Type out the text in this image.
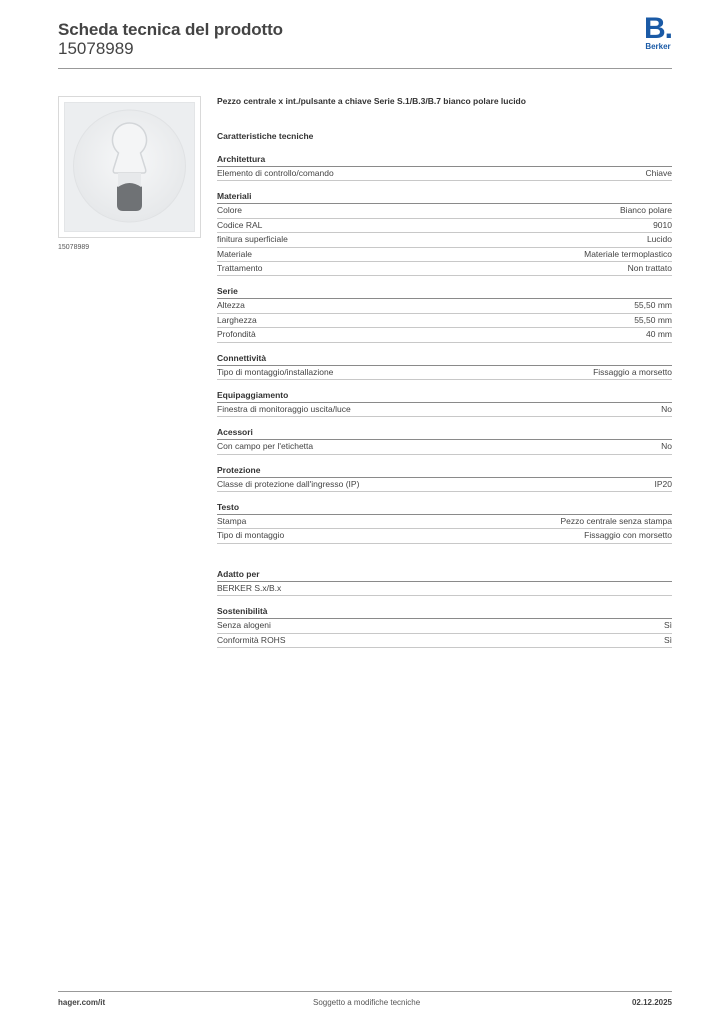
Scheda tecnica del prodotto
15078989
B.
Berker
15078989
Pezzo centrale x int./pulsante a chiave Serie S.1/B.3/B.7 bianco polare lucido
Caratteristiche tecniche
Architettura
Elemento di controllo/comando	Chiave
Materiali
Colore	Bianco polare
Codice RAL	9010
finitura superficiale	Lucido
Materiale	Materiale termoplastico
Trattamento	Non trattato
Serie
Altezza	55,50 mm
Larghezza	55,50 mm
Profondità	40 mm
Connettività
Tipo di montaggio/installazione	Fissaggio a morsetto
Equipaggiamento
Finestra di monitoraggio uscita/luce	No
Acessori
Con campo per l'etichetta	No
Protezione
Classe di protezione dall'ingresso (IP)	IP20
Testo
Stampa	Pezzo centrale senza stampa
Tipo di montaggio	Fissaggio con morsetto
Adatto per
BERKER S.x/B.x
Sostenibilità
Senza alogeni	Sì
Conformità ROHS	Sì
hager.com/it	Soggetto a modifiche tecniche	02.12.2025
